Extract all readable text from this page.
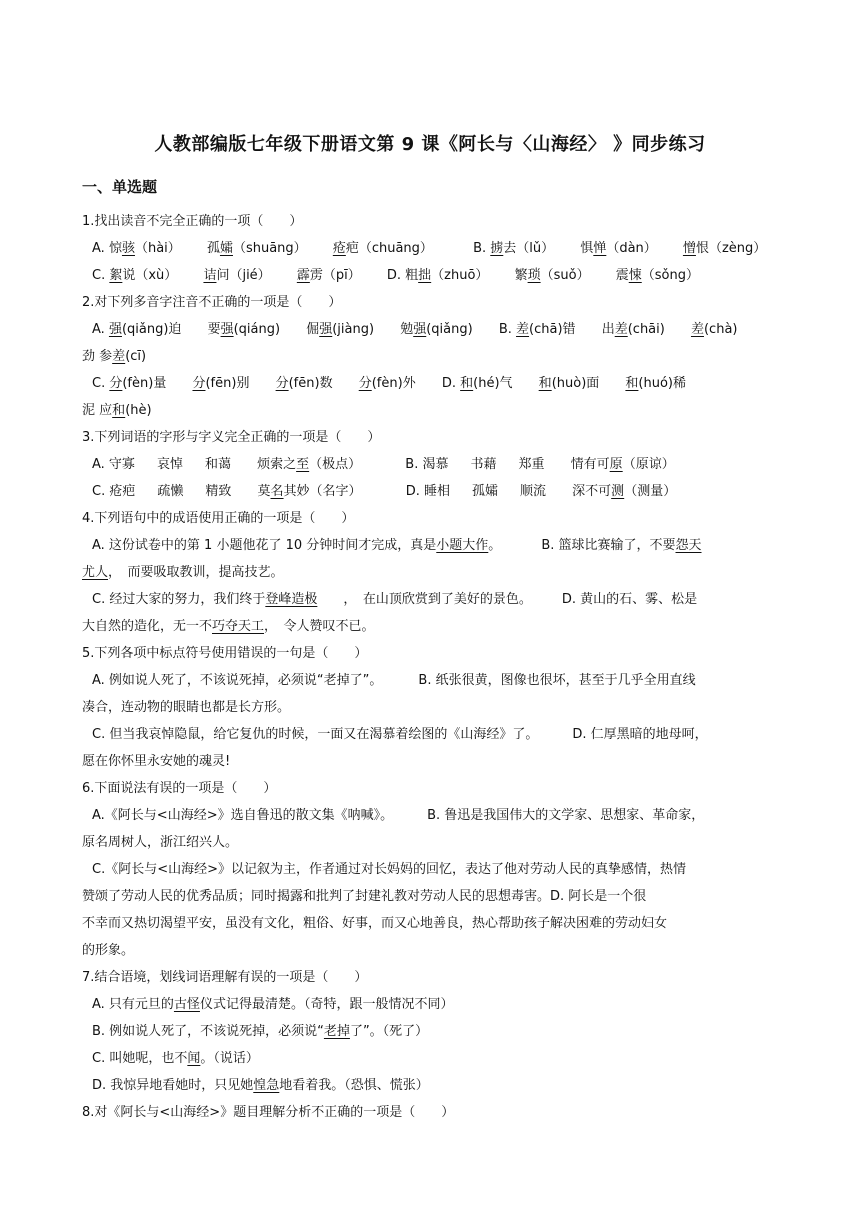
人教部编版七年级下册语文第 9 课《阿长与〈山海经〉 》同步练习
一、单选题

1.找出读音不完全正确的一项（　　）

A. 惊骇（hài） 孤孀（shuāng） 疮疤（chuāng）	B. 掳去（lǔ） 惧惮（dàn） 憎恨（zèng）

C. 絮说（xù） 诘问（jié） 霹雳（pī） D. 粗拙（zhuō） 繁琐（suǒ） 震悚（sǒng）

2.对下列多音字注音不正确的一项是（　　）

A. 强(qiǎng)迫 要强(qiáng) 倔强(jiàng) 勉强(qiǎng) B. 差(chā)错 出差(chāi) 差(chà)

劲 参差(cī)

C. 分(fèn)量 分(fēn)别 分(fēn)数 分(fèn)外 D. 和(hé)气 和(huò)面 和(huó)稀

泥 应和(hè)

3.下列词语的字形与字义完全正确的一项是（　　）

A. 守寡 哀悼 和蔼 烦索之至（极点）	B. 渴慕 书藉 郑重 情有可原（原谅）

C. 疮疤 疏懒 精致 莫名其妙（名字）	D. 睡相 孤孀 顺流 深不可测（测量）

4.下列语句中的成语使用正确的一项是（　　）

A. 这份试卷中的第 1 小题他花了 10 分钟时间才完成，真是小题大作。	B. 篮球比赛输了，不要怨天

尤人，　而要吸取教训，提高技艺。

C. 经过大家的努力，我们终于登峰造极 ，　在山顶欣赏到了美好的景色。 D. 黄山的石、雾、松是

大自然的造化，无一不巧夺天工，　令人赞叹不已。

5.下列各项中标点符号使用错误的一句是（　　）

A. 例如说人死了，不该说死掉，必须说“老掉了”。	B. 纸张很黄，图像也很坏，甚至于几乎全用直线

凑合，连动物的眼睛也都是长方形。

C. 但当我哀悼隐鼠，给它复仇的时候，一面又在渴慕着绘图的《山海经》了。	D. 仁厚黑暗的地母呵，

愿在你怀里永安她的魂灵!

6.下面说法有误的一项是（　　）

A.《阿长与<山海经>》选自鲁迅的散文集《呐喊》。	B. 鲁迅是我国伟大的文学家、思想家、革命家，

原名周树人，浙江绍兴人。

C.《阿长与<山海经>》以记叙为主，作者通过对长妈妈的回忆，表达了他对劳动人民的真挚感情，热情

赞颂了劳动人民的优秀品质；同时揭露和批判了封建礼教对劳动人民的思想毒害。D. 阿长是一个很

不幸而又热切渴望平安，虽没有文化，粗俗、好事，而又心地善良，热心帮助孩子解决困难的劳动妇女

的形象。

7.结合语境，划线词语理解有误的一项是（　　）

A. 只有元旦的古怪仪式记得最清楚。（奇特，跟一般情况不同）

B. 例如说人死了，不该说死掉，必须说“老掉了”。（死了）

C. 叫她呢，也不闻。（说话）

D. 我惊异地看她时，只见她惶急地看着我。（恐惧、慌张）

8.对《阿长与<山海经>》题目理解分析不正确的一项是（　　）
